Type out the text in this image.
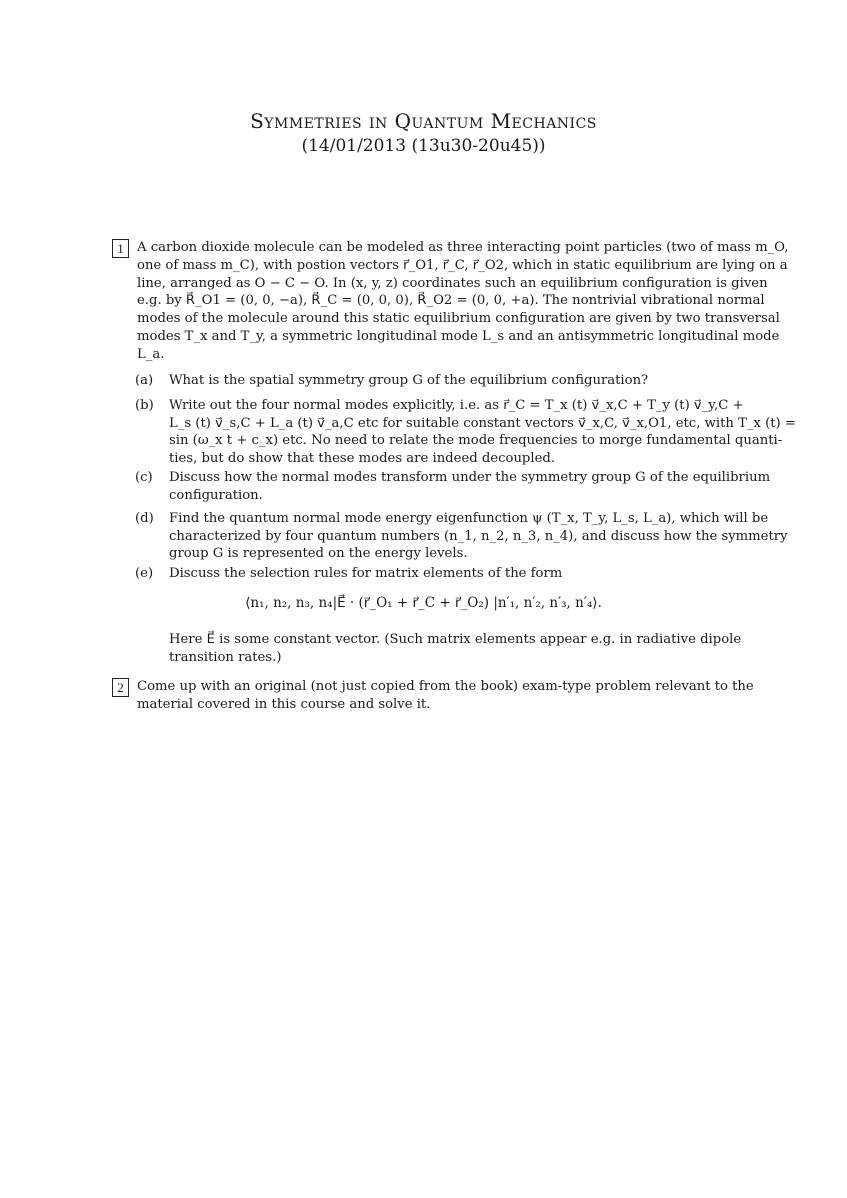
Symmetries in Quantum Mechanics
(14/01/2013 (13u30-20u45))
1	A carbon dioxide molecule can be modeled as three interacting point particles (two of mass m_O,
one of mass m_C), with postion vectors r⃗_O1, r⃗_C, r⃗_O2, which in static equilibrium are lying on a
line, arranged as O − C − O. In (x, y, z) coordinates such an equilibrium configuration is given
e.g. by R⃗_O1 = (0, 0, −a), R⃗_C = (0, 0, 0), R⃗_O2 = (0, 0, +a). The nontrivial vibrational normal
modes of the molecule around this static equilibrium configuration are given by two transversal
modes T_x and T_y, a symmetric longitudinal mode L_s and an antisymmetric longitudinal mode
L_a.
(a)	What is the spatial symmetry group G of the equilibrium configuration?
(b)	Write out the four normal modes explicitly, i.e. as r⃗_C = T_x (t) v⃗_x,C + T_y (t) v⃗_y,C +
L_s (t) v⃗_s,C + L_a (t) v⃗_a,C etc for suitable constant vectors v⃗_x,C, v⃗_x,O1, etc, with T_x (t) =
sin (ω_x t + c_x) etc. No need to relate the mode frequencies to morge fundamental quanti-
ties, but do show that these modes are indeed decoupled.
(c)	Discuss how the normal modes transform under the symmetry group G of the equilibrium
configuration.
(d)	Find the quantum normal mode energy eigenfunction ψ (T_x, T_y, L_s, L_a), which will be
characterized by four quantum numbers (n_1, n_2, n_3, n_4), and discuss how the symmetry
group G is represented on the energy levels.
(e)	Discuss the selection rules for matrix elements of the form
⟨n₁, n₂, n₃, n₄|E⃗ · (r⃗_O₁ + r⃗_C + r⃗_O₂) |n′₁, n′₂, n′₃, n′₄⟩.
Here E⃗ is some constant vector. (Such matrix elements appear e.g. in radiative dipole
transition rates.)
2	Come up with an original (not just copied from the book) exam-type problem relevant to the
material covered in this course and solve it.
